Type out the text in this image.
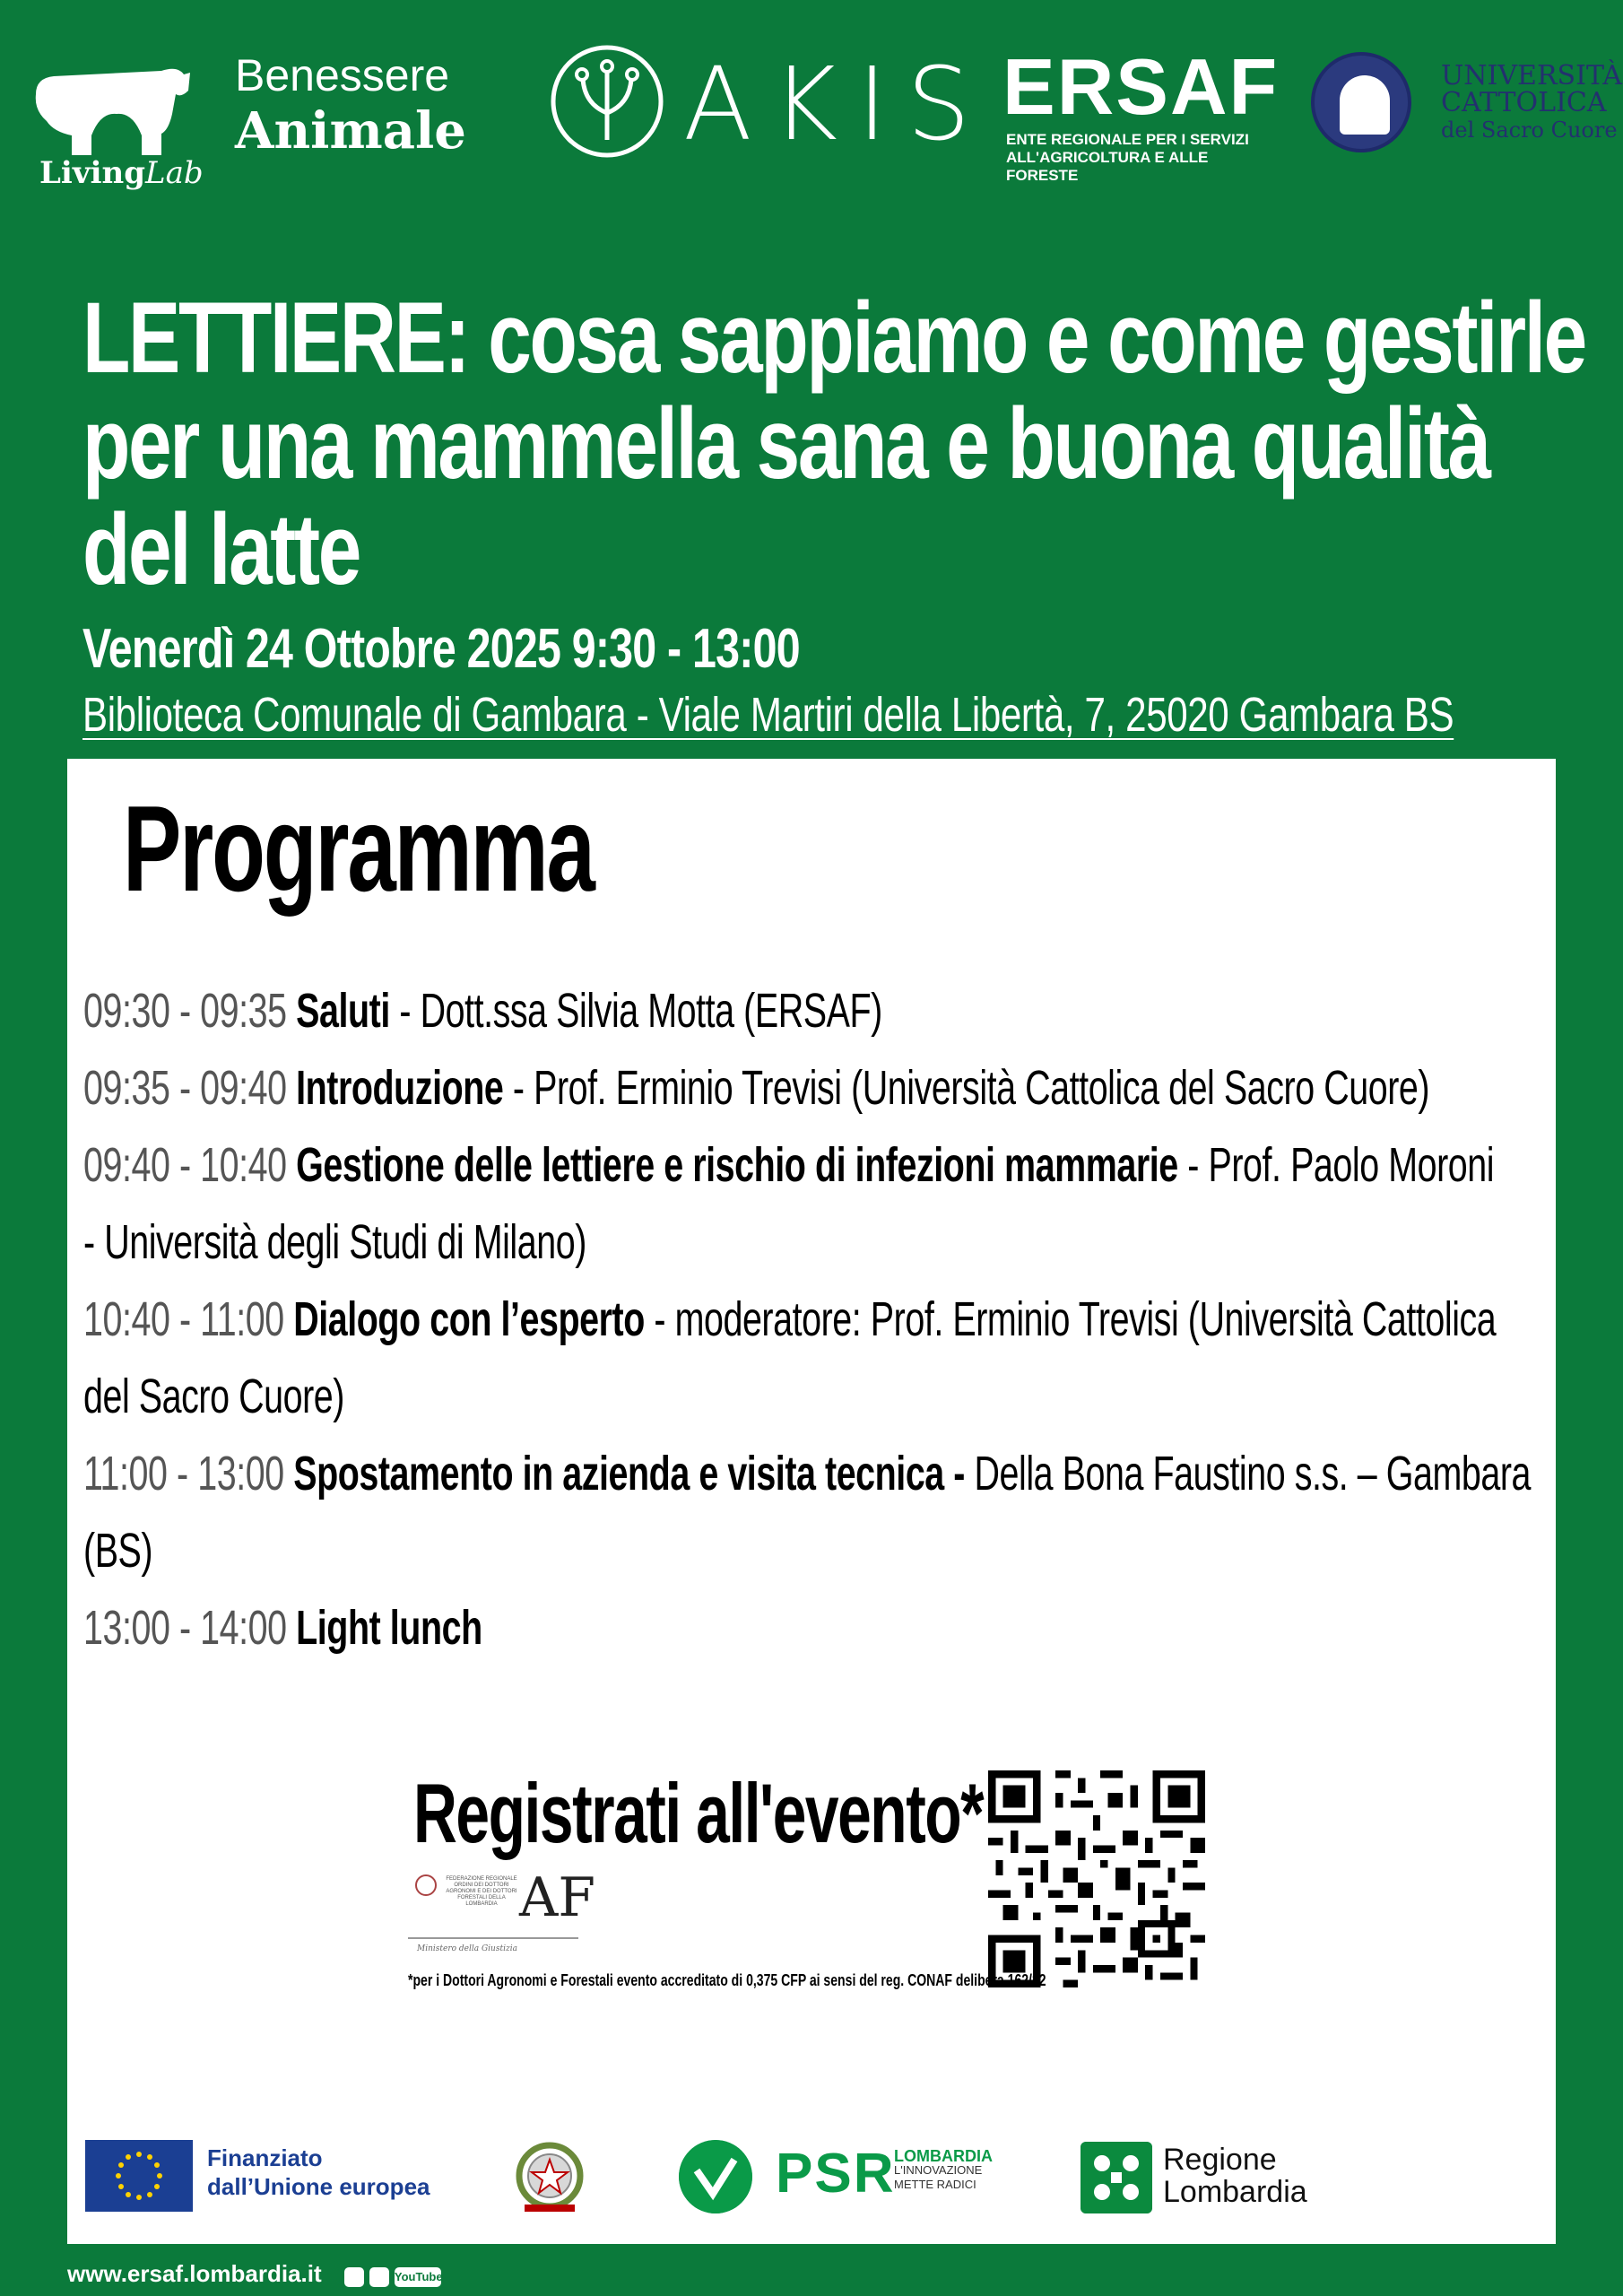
Benessere
Animale
LivingLab
AKIS ERSAF
ENTE REGIONALE PER I SERVIZI
ALL'AGRICOLTURA E ALLE FORESTE
UNIVERSITÀ
CATTOLICA
del Sacro Cuore
LETTIERE: cosa sappiamo e come gestirle
per una mammella sana e buona qualità
del latte
Venerdì 24 Ottobre 2025 9:30 - 13:00
Biblioteca Comunale di Gambara - Viale Martiri della Libertà, 7, 25020 Gambara BS
Programma
09:30 - 09:35 Saluti - Dott.ssa Silvia Motta (ERSAF)
09:35 - 09:40 Introduzione - Prof. Erminio Trevisi (Università Cattolica del Sacro Cuore)
09:40 - 10:40 Gestione delle lettiere e rischio di infezioni mammarie - Prof. Paolo Moroni
- Università degli Studi di Milano)
10:40 - 11:00 Dialogo con l’esperto - moderatore: Prof. Erminio Trevisi (Università Cattolica
del Sacro Cuore)
11:00 - 13:00 Spostamento in azienda e visita tecnica - Della Bona Faustino s.s. – Gambara
(BS)
13:00 - 14:00 Light lunch
Registrati all'evento*
FEDERAZIONE REGIONALE ORDINI DEI DOTTORI AGRONOMI E DEI DOTTORI FORESTALI DELLA LOMBARDIA AF
Ministero della Giustizia
*per i Dottori Agronomi e Forestali evento accreditato di 0,375 CFP ai sensi del reg. CONAF delibera 162/22
Finanziato
dall’Unione europea	PSR
LOMBARDIA
L'INNOVAZIONE
METTE RADICI
Regione
Lombardia
www.ersaf.lombardia.it	YouTube
